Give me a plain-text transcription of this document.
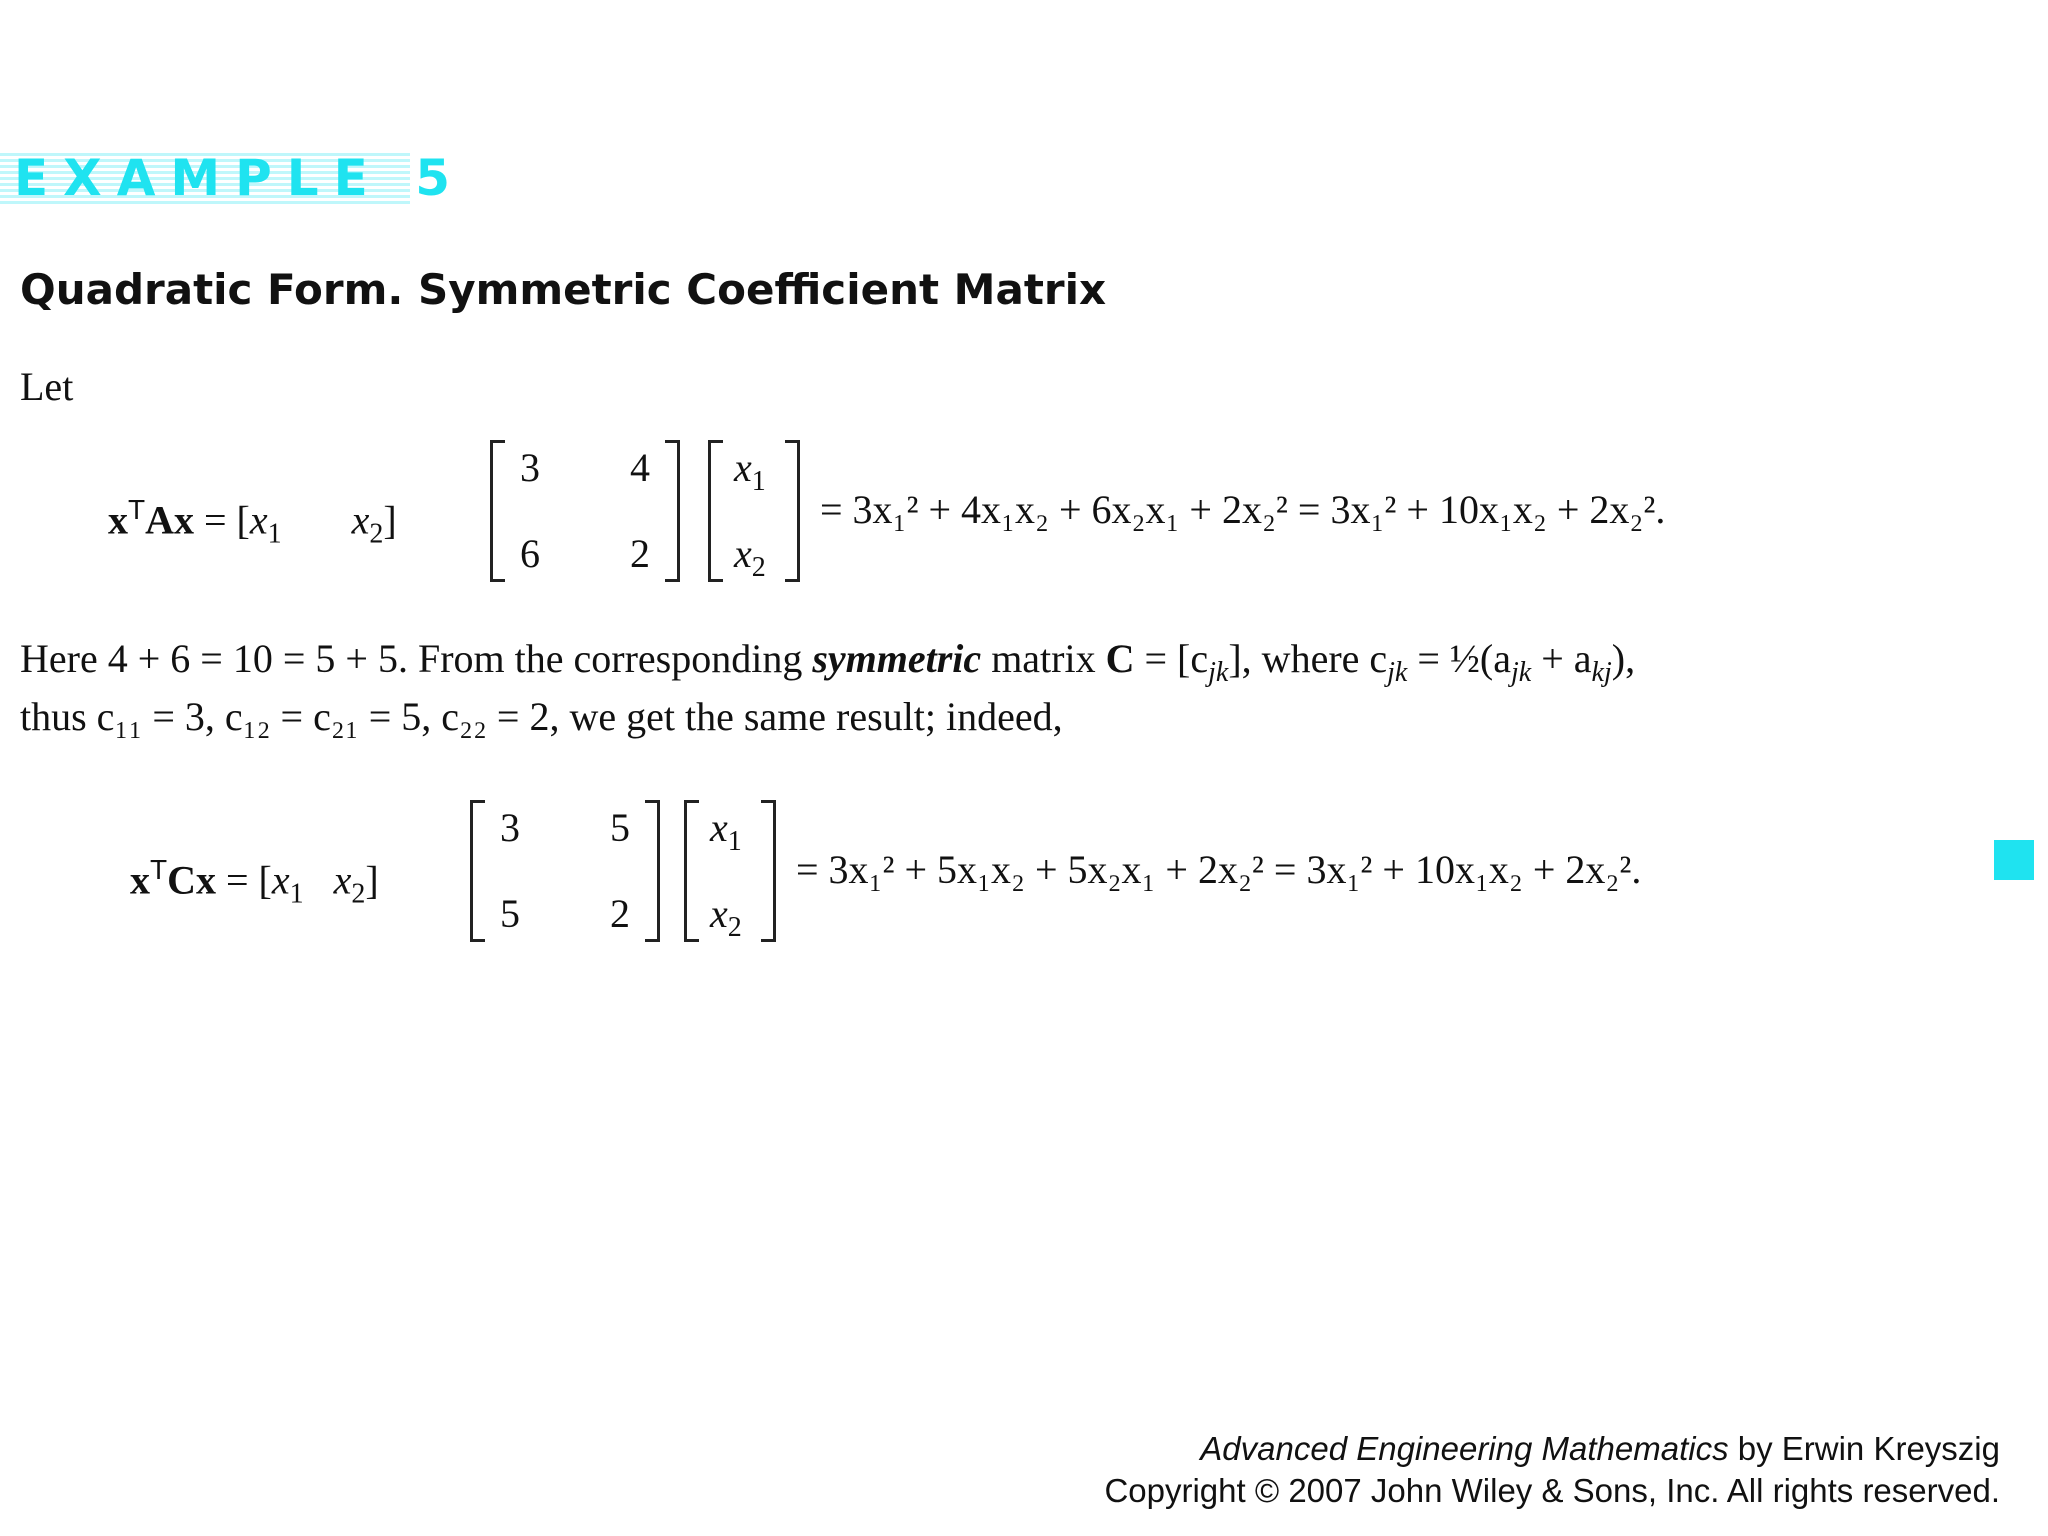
EXAMPLE 5
Quadratic Form. Symmetric Coefficient Matrix
Let
$x^TAx = [x_1$ $x_2$]
3 4
6 2
$x_1$
$x_2$
= 3x₁² + 4x₁x₂ + 6x₂x₁ + 2x₂² = 3x₁² + 10x₁x₂ + 2x₂².
Here 4 + 6 = 10 = 5 + 5. From the corresponding symmetric matrix $C = [c_{jk}]$, where $c_{jk}$ = $\frac{1}{2}(a_{jk} + a_{kj})$,
thus c₁₁ = 3, c₁₂ = c₂₁ = 5, c₂₂ = 2, we get the same result; indeed,
$x^TCx = [x_1$ $x_2$]
3 5
5 2
$x_1$
$x_2$
= 3x₁² + 5x₁x₂ + 5x₂x₁ + 2x₂² = 3x₁² + 10x₁x₂ + 2x₂².
Advanced Engineering Mathematics by Erwin Kreyszig
Copyright © 2007 John Wiley & Sons, Inc. All rights reserved.
